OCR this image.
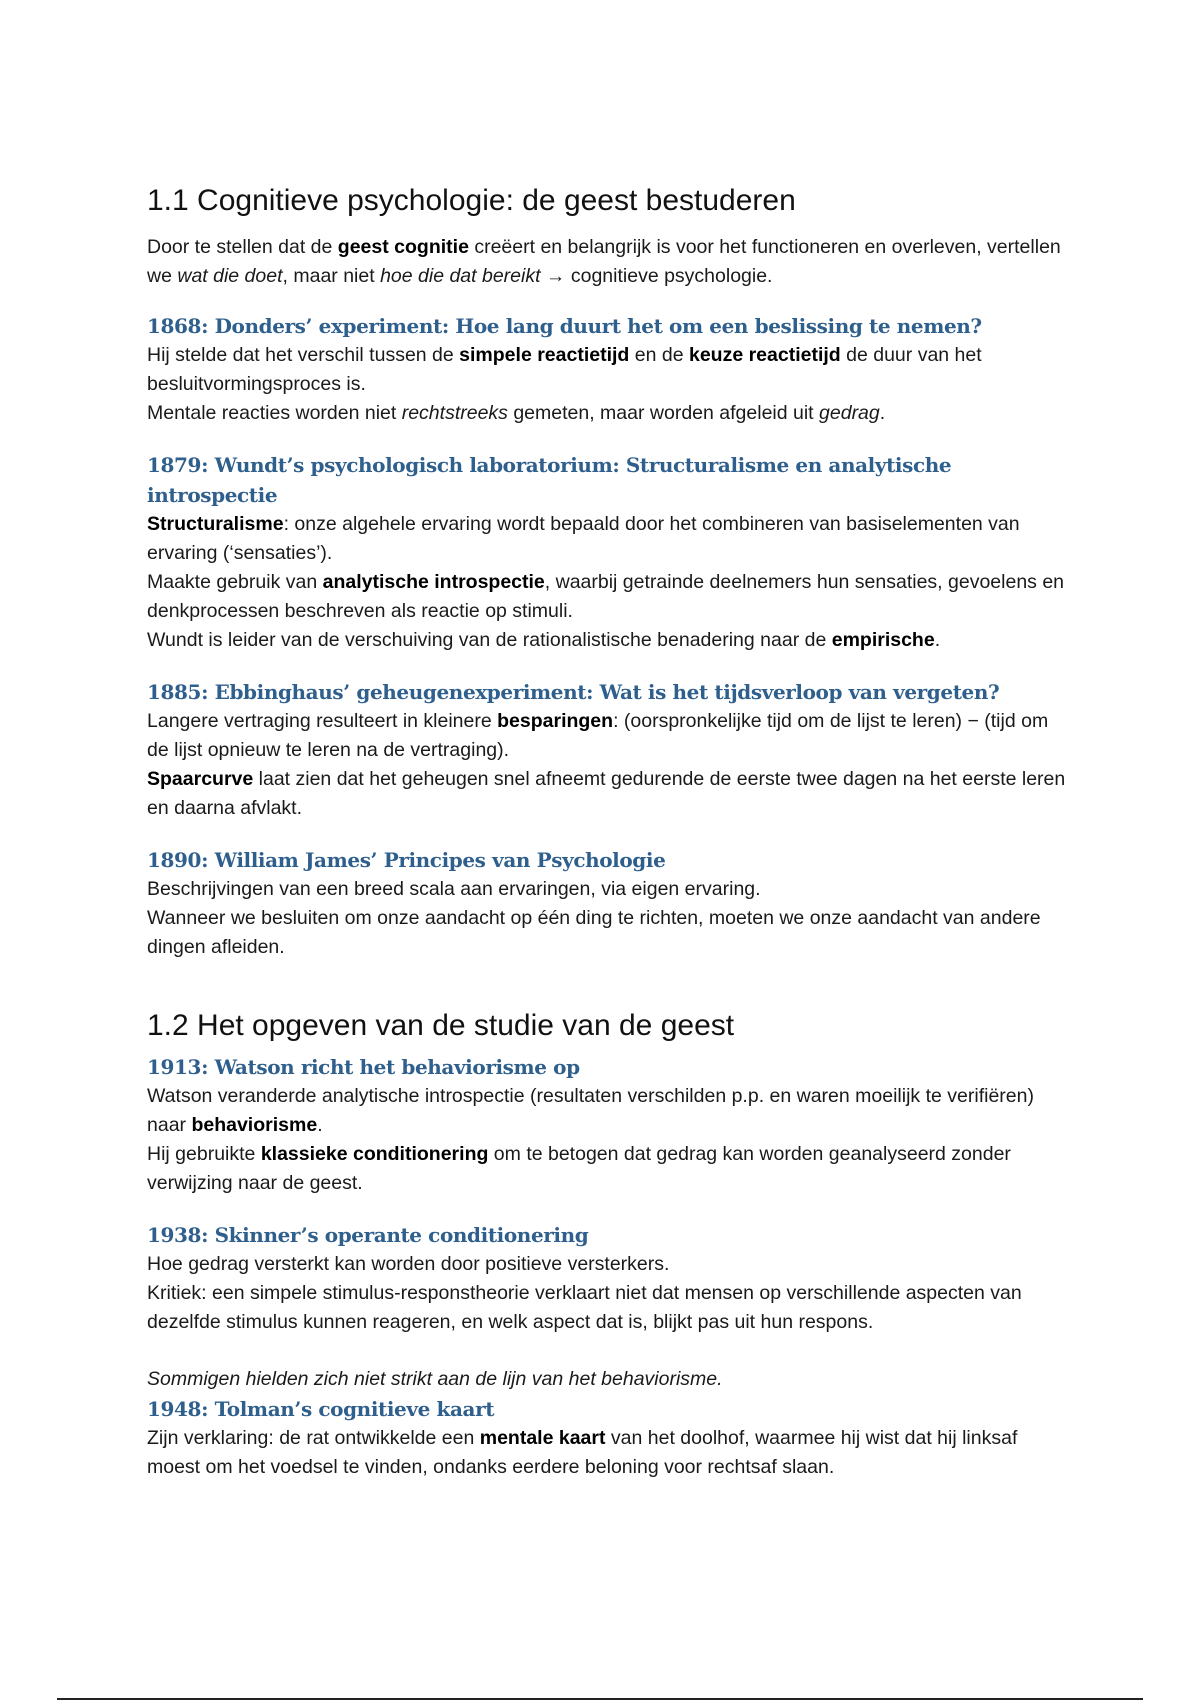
1.1 Cognitieve psychologie: de geest bestuderen

Door te stellen dat de geest cognitie creëert en belangrijk is voor het functioneren en overleven, vertellen we wat die doet, maar niet hoe die dat bereikt → cognitieve psychologie.

1868: Donders’ experiment: Hoe lang duurt het om een beslissing te nemen?

Hij stelde dat het verschil tussen de simpele reactietijd en de keuze reactietijd de duur van het besluitvormingsproces is.

Mentale reacties worden niet rechtstreeks gemeten, maar worden afgeleid uit gedrag.

1879: Wundt’s psychologisch laboratorium: Structuralisme en analytische introspectie

Structuralisme: onze algehele ervaring wordt bepaald door het combineren van basiselementen van ervaring (‘sensaties’).

Maakte gebruik van analytische introspectie, waarbij getrainde deelnemers hun sensaties, gevoelens en denkprocessen beschreven als reactie op stimuli.

Wundt is leider van de verschuiving van de rationalistische benadering naar de empirische.

1885: Ebbinghaus’ geheugenexperiment: Wat is het tijdsverloop van vergeten?

Langere vertraging resulteert in kleinere besparingen: (oorspronkelijke tijd om de lijst te leren) − (tijd om de lijst opnieuw te leren na de vertraging).

Spaarcurve laat zien dat het geheugen snel afneemt gedurende de eerste twee dagen na het eerste leren en daarna afvlakt.

1890: William James’ Principes van Psychologie

Beschrijvingen van een breed scala aan ervaringen, via eigen ervaring.

Wanneer we besluiten om onze aandacht op één ding te richten, moeten we onze aandacht van andere dingen afleiden.

1.2 Het opgeven van de studie van de geest
1913: Watson richt het behaviorisme op

Watson veranderde analytische introspectie (resultaten verschilden p.p. en waren moeilijk te verifiëren) naar behaviorisme.

Hij gebruikte klassieke conditionering om te betogen dat gedrag kan worden geanalyseerd zonder verwijzing naar de geest.

1938: Skinner’s operante conditionering

Hoe gedrag versterkt kan worden door positieve versterkers.

Kritiek: een simpele stimulus-responstheorie verklaart niet dat mensen op verschillende aspecten van dezelfde stimulus kunnen reageren, en welk aspect dat is, blijkt pas uit hun respons.

Sommigen hielden zich niet strikt aan de lijn van het behaviorisme.

1948: Tolman’s cognitieve kaart

Zijn verklaring: de rat ontwikkelde een mentale kaart van het doolhof, waarmee hij wist dat hij linksaf moest om het voedsel te vinden, ondanks eerdere beloning voor rechtsaf slaan.
